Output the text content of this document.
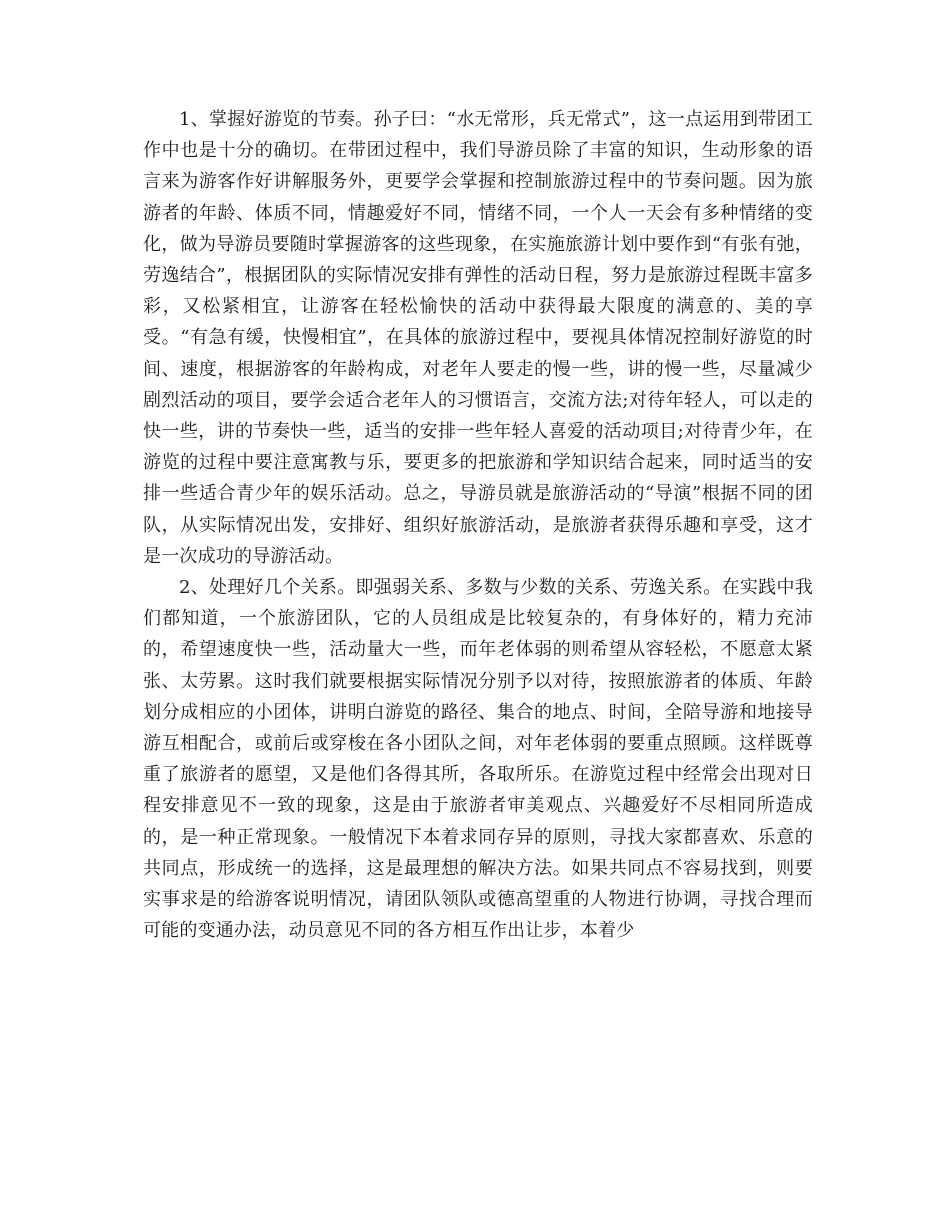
1、掌握好游览的节奏。孙子曰：“水无常形，兵无常式”，这一点运用到带团工作中也是十分的确切。在带团过程中，我们导游员除了丰富的知识，生动形象的语言来为游客作好讲解服务外，更要学会掌握和控制旅游过程中的节奏问题。因为旅游者的年龄、体质不同，情趣爱好不同，情绪不同，一个人一天会有多种情绪的变化，做为导游员要随时掌握游客的这些现象，在实施旅游计划中要作到“有张有弛，劳逸结合”，根据团队的实际情况安排有弹性的活动日程，努力是旅游过程既丰富多彩，又松紧相宜，让游客在轻松愉快的活动中获得最大限度的满意的、美的享受。“有急有缓，快慢相宜”，在具体的旅游过程中，要视具体情况控制好游览的时间、速度，根据游客的年龄构成，对老年人要走的慢一些，讲的慢一些，尽量减少剧烈活动的项目，要学会适合老年人的习惯语言，交流方法;对待年轻人，可以走的快一些，讲的节奏快一些，适当的安排一些年轻人喜爱的活动项目;对待青少年，在游览的过程中要注意寓教与乐，要更多的把旅游和学知识结合起来，同时适当的安排一些适合青少年的娱乐活动。总之，导游员就是旅游活动的“导演”根据不同的团队，从实际情况出发，安排好、组织好旅游活动，是旅游者获得乐趣和享受，这才是一次成功的导游活动。

2、处理好几个关系。即强弱关系、多数与少数的关系、劳逸关系。在实践中我们都知道，一个旅游团队，它的人员组成是比较复杂的，有身体好的，精力充沛的，希望速度快一些，活动量大一些，而年老体弱的则希望从容轻松，不愿意太紧张、太劳累。这时我们就要根据实际情况分别予以对待，按照旅游者的体质、年龄划分成相应的小团体，讲明白游览的路径、集合的地点、时间，全陪导游和地接导游互相配合，或前后或穿梭在各小团队之间，对年老体弱的要重点照顾。这样既尊重了旅游者的愿望，又是他们各得其所，各取所乐。在游览过程中经常会出现对日程安排意见不一致的现象，这是由于旅游者审美观点、兴趣爱好不尽相同所造成的，是一种正常现象。一般情况下本着求同存异的原则，寻找大家都喜欢、乐意的共同点，形成统一的选择，这是最理想的解决方法。如果共同点不容易找到，则要实事求是的给游客说明情况，请团队领队或德高望重的人物进行协调，寻找合理而可能的变通办法，动员意见不同的各方相互作出让步，本着少
